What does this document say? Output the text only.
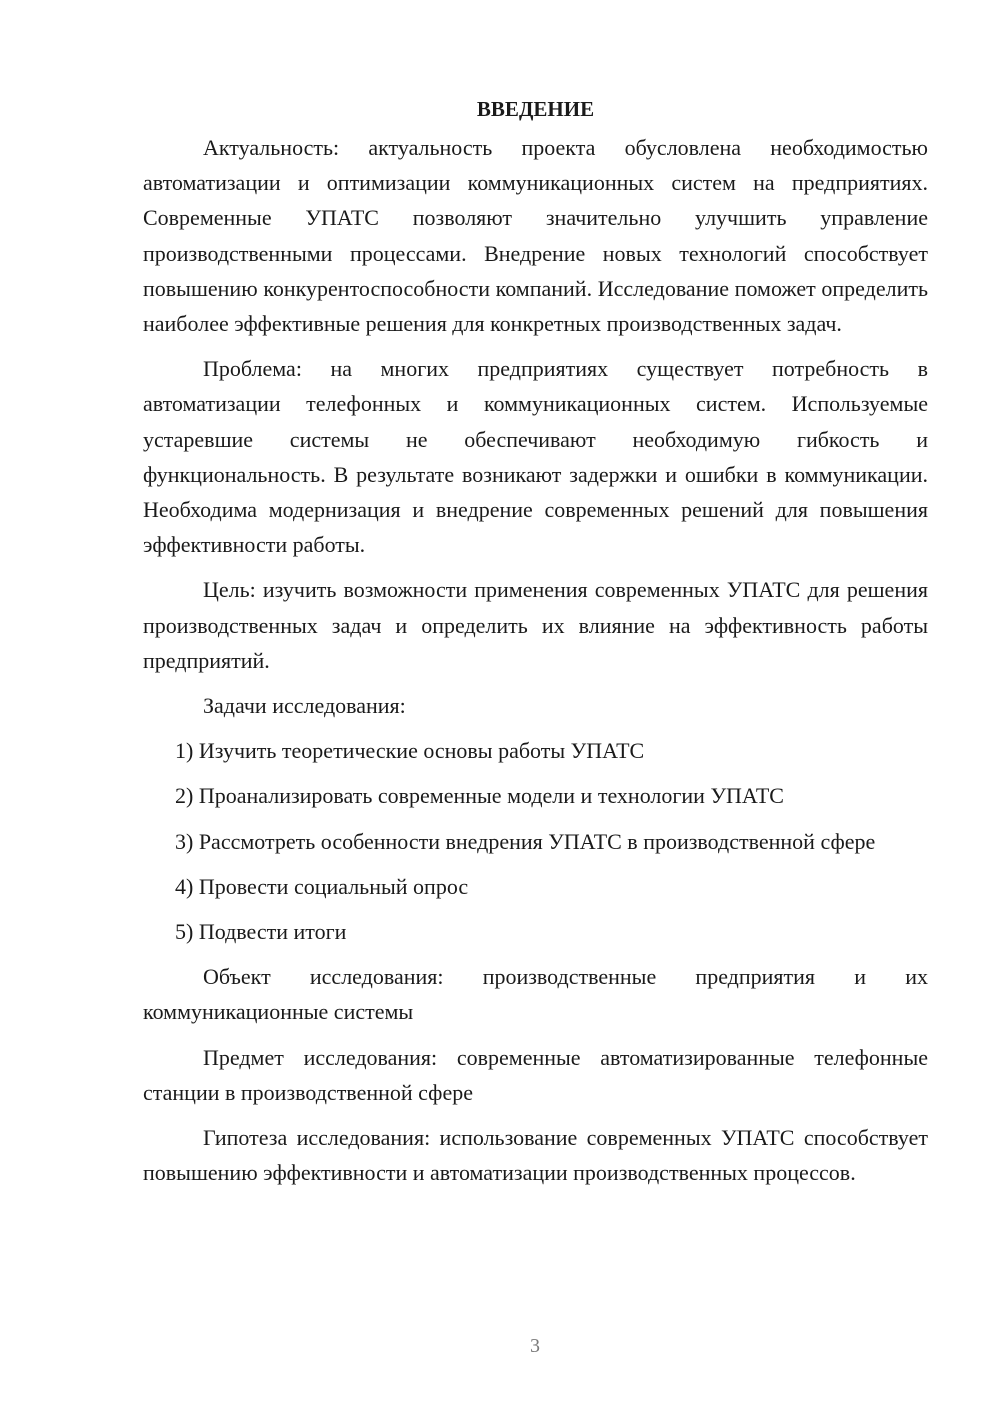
ВВЕДЕНИЕ

Актуальность: актуальность проекта обусловлена необходимостью автоматизации и оптимизации коммуникационных систем на предприятиях. Современные УПАТС позволяют значительно улучшить управление производственными процессами. Внедрение новых технологий способствует повышению конкурентоспособности компаний. Исследование поможет определить наиболее эффективные решения для конкретных производственных задач.

Проблема: на многих предприятиях существует потребность в автоматизации телефонных и коммуникационных систем. Используемые устаревшие системы не обеспечивают необходимую гибкость и функциональность. В результате возникают задержки и ошибки в коммуникации. Необходима модернизация и внедрение современных решений для повышения эффективности работы.

Цель: изучить возможности применения современных УПАТС для решения производственных задач и определить их влияние на эффективность работы предприятий.

Задачи исследования:

1) Изучить теоретические основы работы УПАТС

2) Проанализировать современные модели и технологии УПАТС

3) Рассмотреть особенности внедрения УПАТС в производственной сфере

4) Провести социальный опрос

5) Подвести итоги

Объект исследования: производственные предприятия и их коммуникационные системы

Предмет исследования: современные автоматизированные телефонные станции в производственной сфере

Гипотеза исследования: использование современных УПАТС способствует повышению эффективности и автоматизации производственных процессов.

3
